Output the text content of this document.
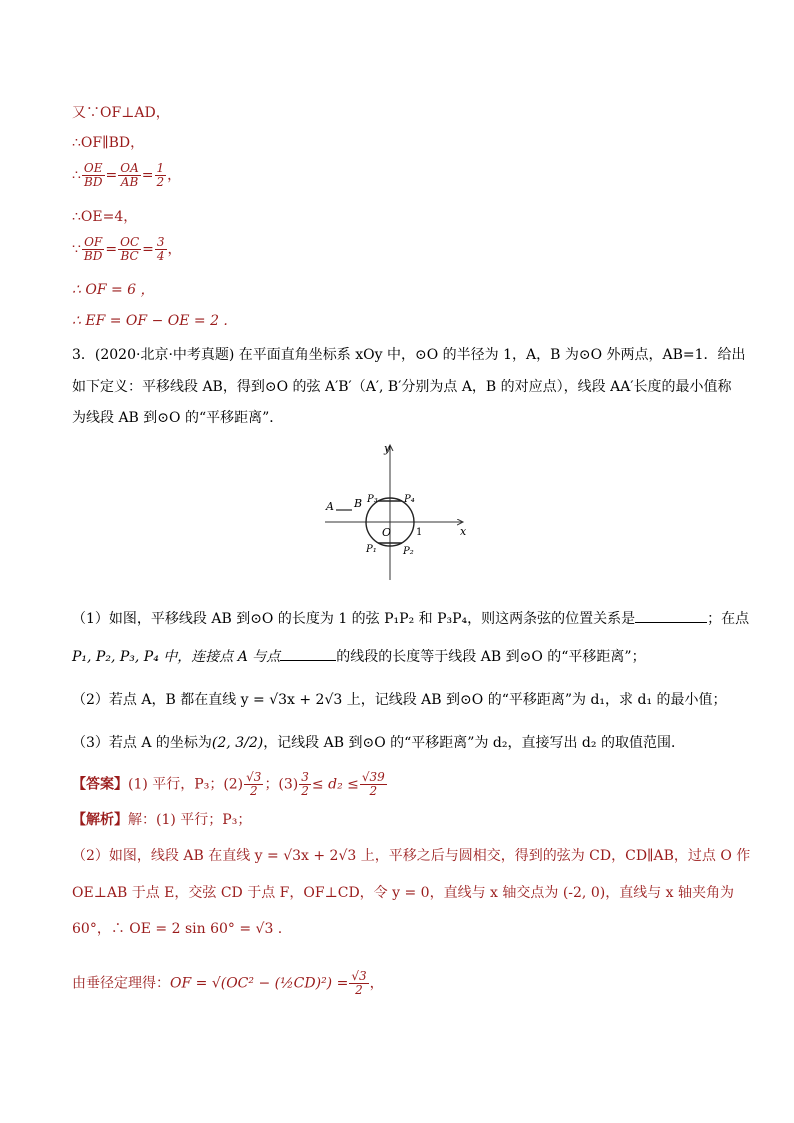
又∵OF⊥AD，
∴OF∥BD，
∴ $\frac{OE}{BD} = \frac{OA}{AB} = \frac{1}{2}$ ，
∴OE=4，
∵ $\frac{OF}{BD} = \frac{OC}{BC} = \frac{3}{4}$ ，
∴ OF = 6 ，
∴ EF = OF − OE = 2 .
3．(2020·北京·中考真题) 在平面直角坐标系 xOy 中，⊙O 的半径为 1，A，B 为⊙O 外两点，AB=1．给出
如下定义：平移线段 AB，得到⊙O 的弦 A′B′（A′, B′分别为点 A，B 的对应点），线段 AA′长度的最小值称
为线段 AB 到⊙O 的“平移距离”．
y
x
O 1
A B P₃	P₄
P₁	P₂
（1）如图，平移线段 AB 到⊙O 的长度为 1 的弦 P₁P₂ 和 P₃P₄，则这两条弦的位置关系是	；在点
P₁, P₂, P₃, P₄ 中，连接点 A 与点	的线段的长度等于线段 AB 到⊙O 的“平移距离”；
（2）若点 A，B 都在直线 y = √3x + 2√3 上，记线段 AB 到⊙O 的“平移距离”为 d₁，求 d₁ 的最小值；
（3）若点 A 的坐标为(2, 3/2)，记线段 AB 到⊙O 的“平移距离”为 d₂，直接写出 d₂ 的取值范围．
【答案】(1) 平行，P₃；$(2) \frac{√3}{2}$ ；$(3) \frac{3}{2} \le d_2 \le \frac{√39}{2}$
【解析】解：(1) 平行；P₃；
（2）如图，线段 AB 在直线 y = √3x + 2√3 上，平移之后与圆相交，得到的弦为 CD，CD∥AB，过点 O 作
OE⊥AB 于点 E，交弦 CD 于点 F，OF⊥CD，令 y = 0，直线与 x 轴交点为 (-2, 0)，直线与 x 轴夹角为
60°，∴ OE = 2 sin 60° = √3 .
由垂径定理得：OF = √(OC² − (½CD)²) = $\frac{√3}{2}$ ，
